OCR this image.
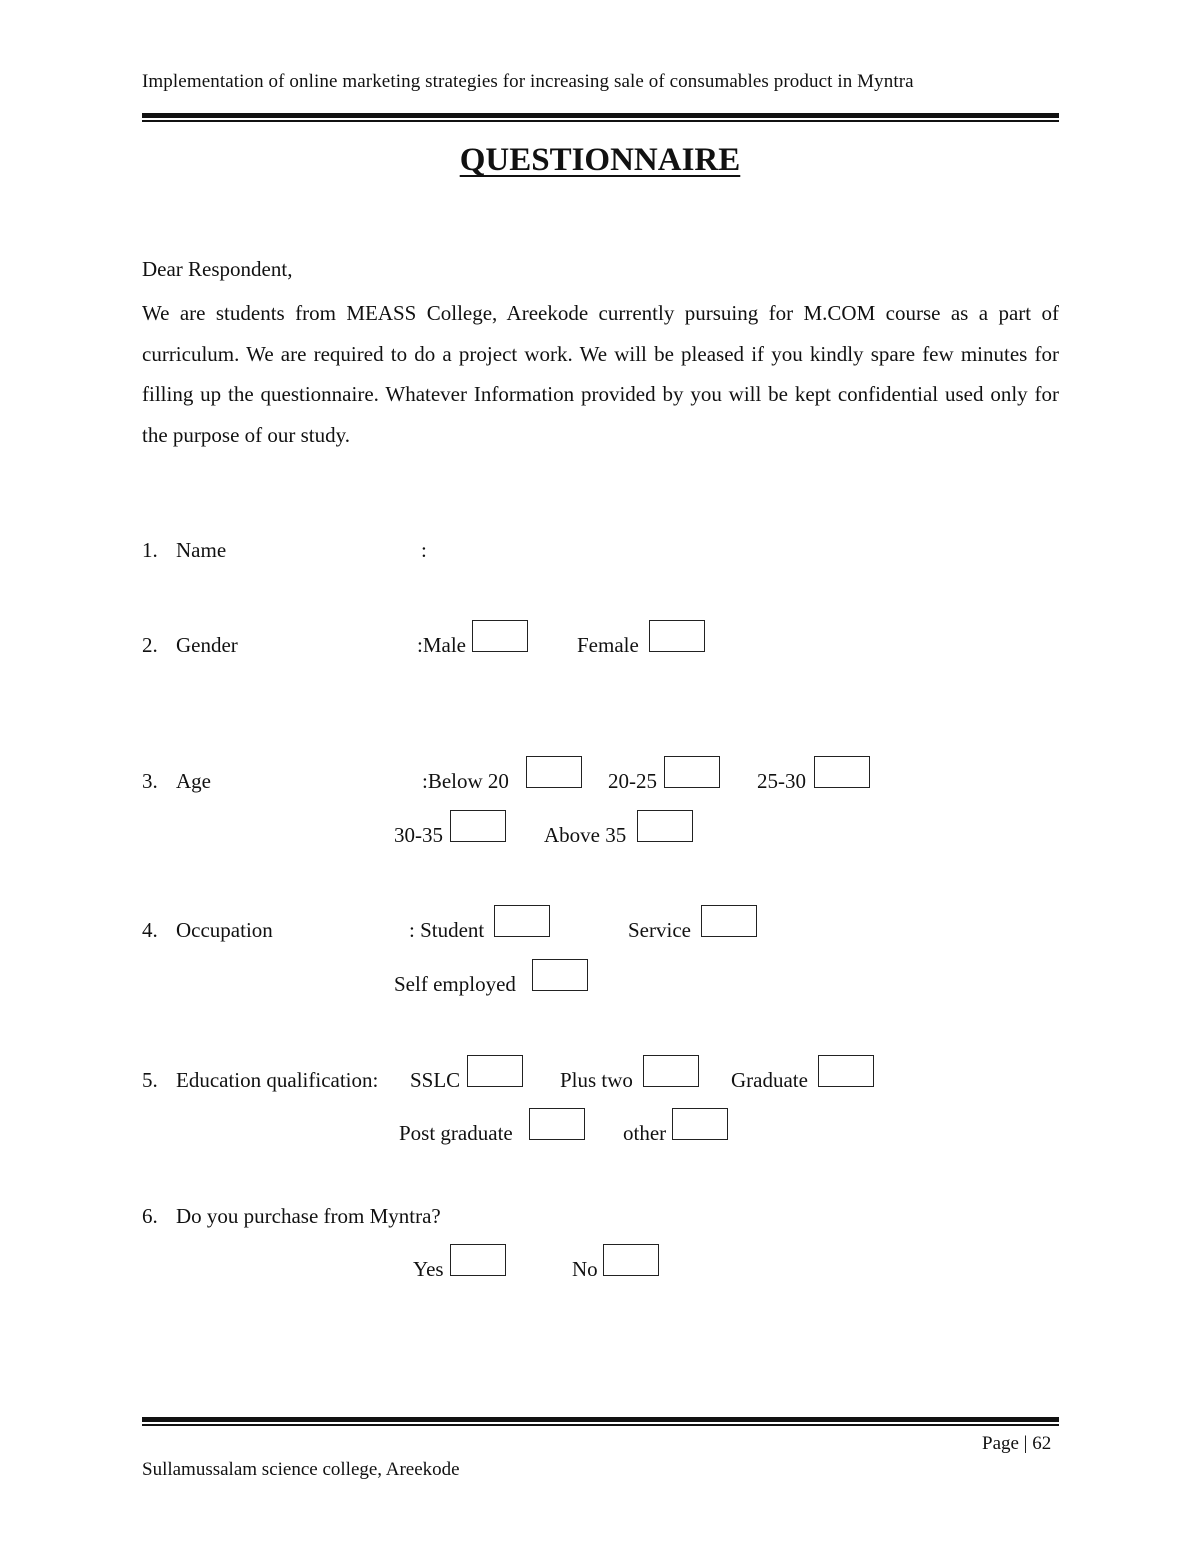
Implementation of online marketing strategies for increasing sale of consumables product in Myntra
QUESTIONNAIRE
Dear Respondent,
We are students from MEASS College, Areekode currently pursuing for M.COM course as a part of curriculum. We are required to do a project work. We will be pleased if you kindly spare few minutes for filling up the questionnaire. Whatever Information provided by you will be kept confidential used only for the purpose of our study.
1. Name	:
2. Gender	:Male	Female
3. Age	:Below 20	20-25	25-30
30-35	Above 35
4. Occupation	: Student	Service
Self employed
5. Education qualification: SSLC	Plus two	Graduate
Post graduate	other
6. Do you purchase from Myntra?
Yes	No
Page | 62
Sullamussalam science college, Areekode
